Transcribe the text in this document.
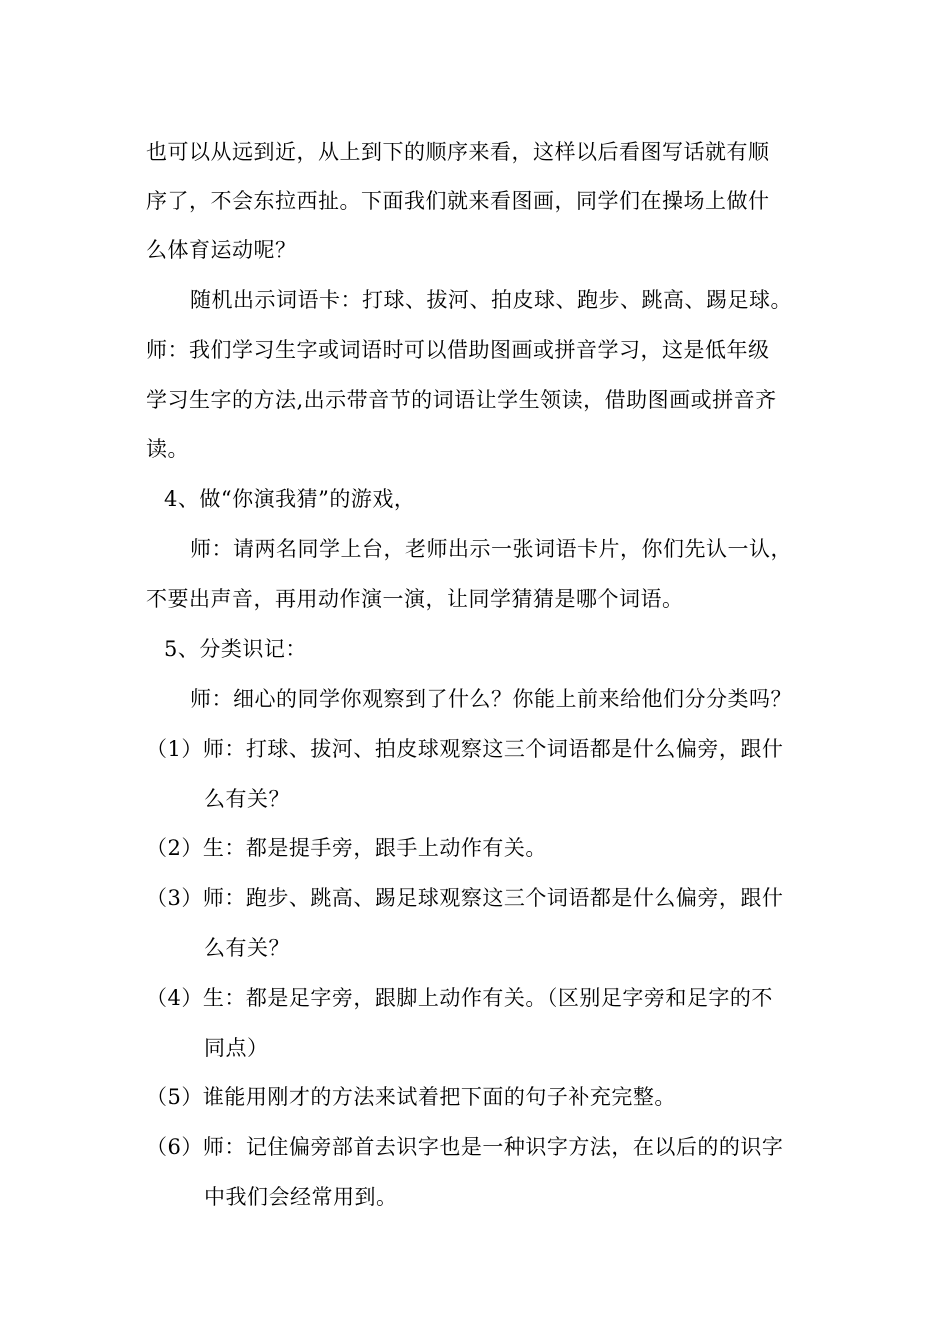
也可以从远到近，从上到下的顺序来看，这样以后看图写话就有顺
序了，不会东拉西扯。下面我们就来看图画，同学们在操场上做什
么体育运动呢？
随机出示词语卡：打球、拔河、拍皮球、跑步、跳高、踢足球。
师：我们学习生字或词语时可以借助图画或拼音学习，这是低年级
学习生字的方法,出示带音节的词语让学生领读，借助图画或拼音齐
读。
4、做“你演我猜”的游戏，
师：请两名同学上台，老师出示一张词语卡片，你们先认一认，
不要出声音，再用动作演一演，让同学猜猜是哪个词语。
5、分类识记：
师：细心的同学你观察到了什么？你能上前来给他们分分类吗？
（1）师：打球、拔河、拍皮球观察这三个词语都是什么偏旁，跟什
么有关？
（2）生：都是提手旁，跟手上动作有关。
（3）师：跑步、跳高、踢足球观察这三个词语都是什么偏旁，跟什
么有关？
（4）生：都是足字旁，跟脚上动作有关。（区别足字旁和足字的不
同点）
（5）谁能用刚才的方法来试着把下面的句子补充完整。
（6）师：记住偏旁部首去识字也是一种识字方法，在以后的的识字
中我们会经常用到。
